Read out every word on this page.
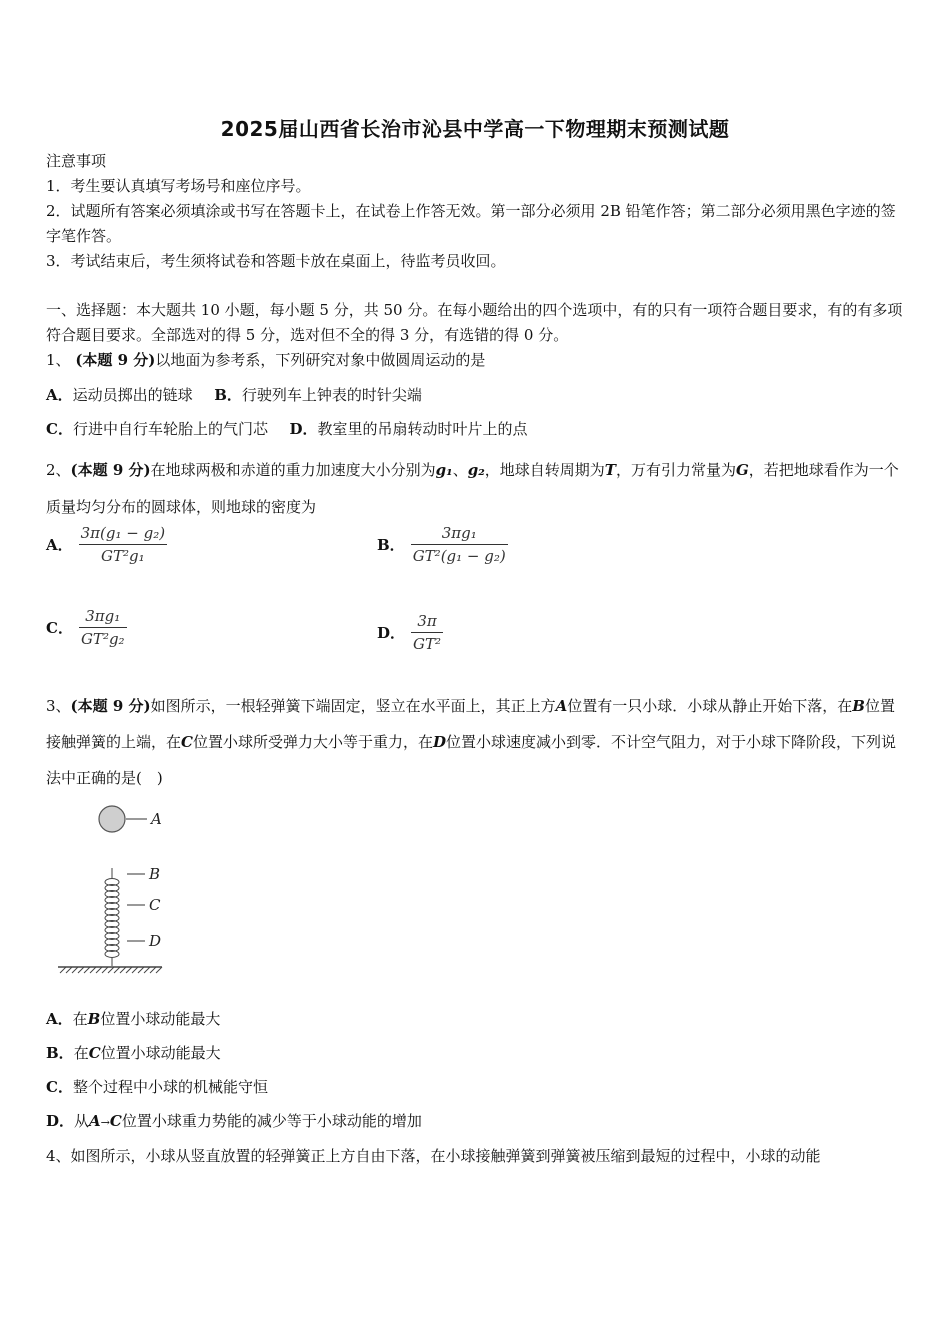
2025届山西省长治市沁县中学高一下物理期末预测试题
注意事项
1．考生要认真填写考场号和座位序号。
2．试题所有答案必须填涂或书写在答题卡上，在试卷上作答无效。第一部分必须用 2B 铅笔作答；第二部分必须用黑色字迹的签字笔作答。
3．考试结束后，考生须将试卷和答题卡放在桌面上，待监考员收回。
一、选择题：本大题共 10 小题，每小题 5 分，共 50 分。在每小题给出的四个选项中，有的只有一项符合题目要求，有的有多项符合题目要求。全部选对的得 5 分，选对但不全的得 3 分，有选错的得 0 分。
1、 (本题 9 分)以地面为参考系，下列研究对象中做圆周运动的是
A．运动员掷出的链球 B．行驶列车上钟表的时针尖端
C．行进中自行车轮胎上的气门芯 D．教室里的吊扇转动时叶片上的点
2、(本题 9 分)在地球两极和赤道的重力加速度大小分别为g₁、g₂，地球自转周期为T，万有引力常量为G，若把地球看作为一个质量均匀分布的圆球体，则地球的密度为
A． $\frac{\text{3π(g₁ − g₂)}}{\text{GT²g₁}}$	B． $\frac{\text{3πg₁}}{\text{GT²(g₁ − g₂)}}$
C． $\frac{\text{3πg₁}}{\text{GT²g₂}}$	D． $\frac{3\pi}{\text{GT²}}$
3、(本题 9 分)如图所示，一根轻弹簧下端固定，竖立在水平面上，其正上方A位置有一只小球．小球从静止开始下落，在B位置接触弹簧的上端，在C位置小球所受弹力大小等于重力，在D位置小球速度减小到零．不计空气阻力，对于小球下降阶段，下列说法中正确的是(　)
A
B
C
D
A．在B位置小球动能最大
B．在C位置小球动能最大
C．整个过程中小球的机械能守恒
D．从A→C位置小球重力势能的减少等于小球动能的增加
4、如图所示，小球从竖直放置的轻弹簧正上方自由下落，在小球接触弹簧到弹簧被压缩到最短的过程中，小球的动能
